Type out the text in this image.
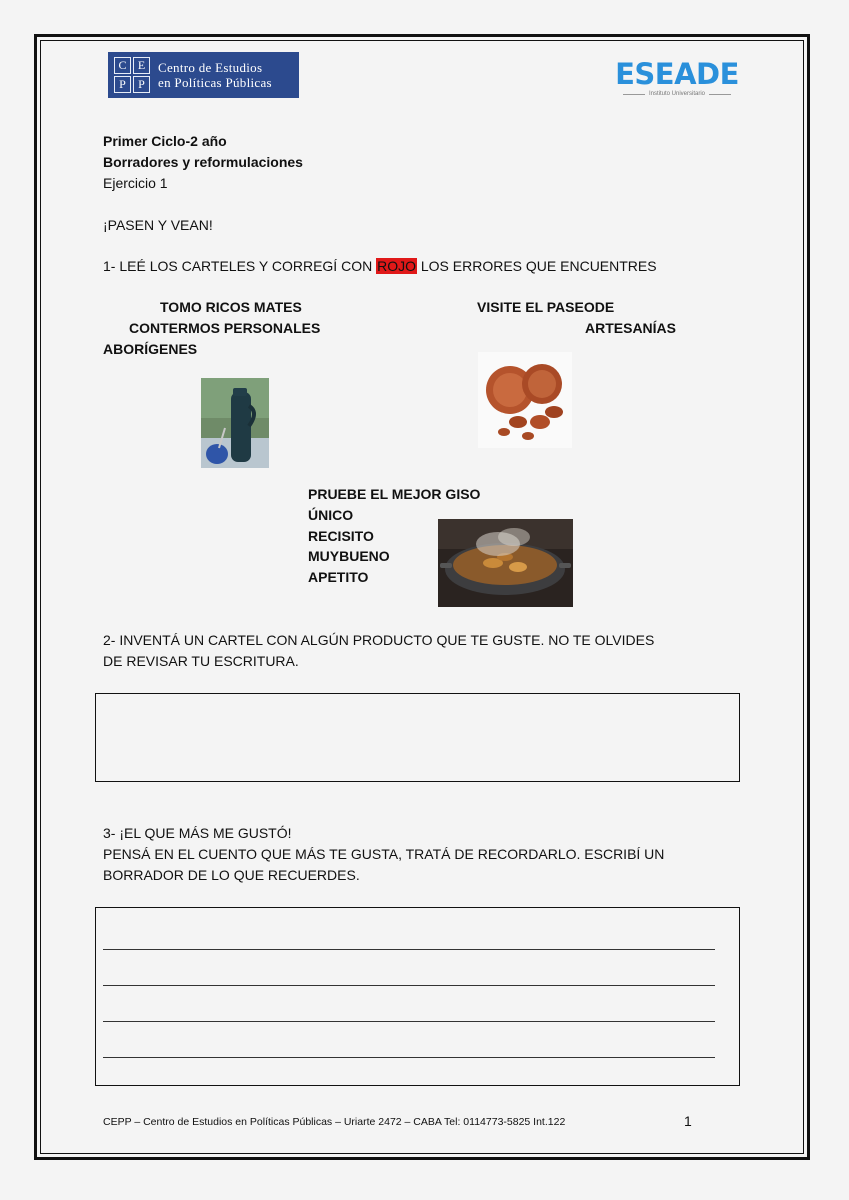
C E
P	P
Centro de Estudios
en Políticas Públicas	ESEADE
Instituto Universitario
Primer Ciclo-2 año
Borradores y reformulaciones
Ejercicio 1
¡PASEN Y VEAN!
1- LEÉ LOS CARTELES Y CORREGÍ CON ROJO LOS ERRORES QUE ENCUENTRES
TOMO RICOS MATES
CONTERMOS PERSONALES
ABORÍGENES
VISITE EL PASEODE
ARTESANÍAS
PRUEBE EL MEJOR GISO
ÚNICO
RECISITO
MUYBUENO
APETITO
2- INVENTÁ UN CARTEL CON ALGÚN PRODUCTO QUE TE GUSTE. NO TE OLVIDES
DE REVISAR TU ESCRITURA.
3- ¡EL QUE MÁS ME GUSTÓ!
PENSÁ EN EL CUENTO QUE MÁS TE GUSTA, TRATÁ DE RECORDARLO. ESCRIBÍ UN
BORRADOR DE LO QUE RECUERDES.
CEPP – Centro de Estudios en Políticas Públicas – Uriarte 2472 – CABA Tel: 0114773-5825 Int.122	1
